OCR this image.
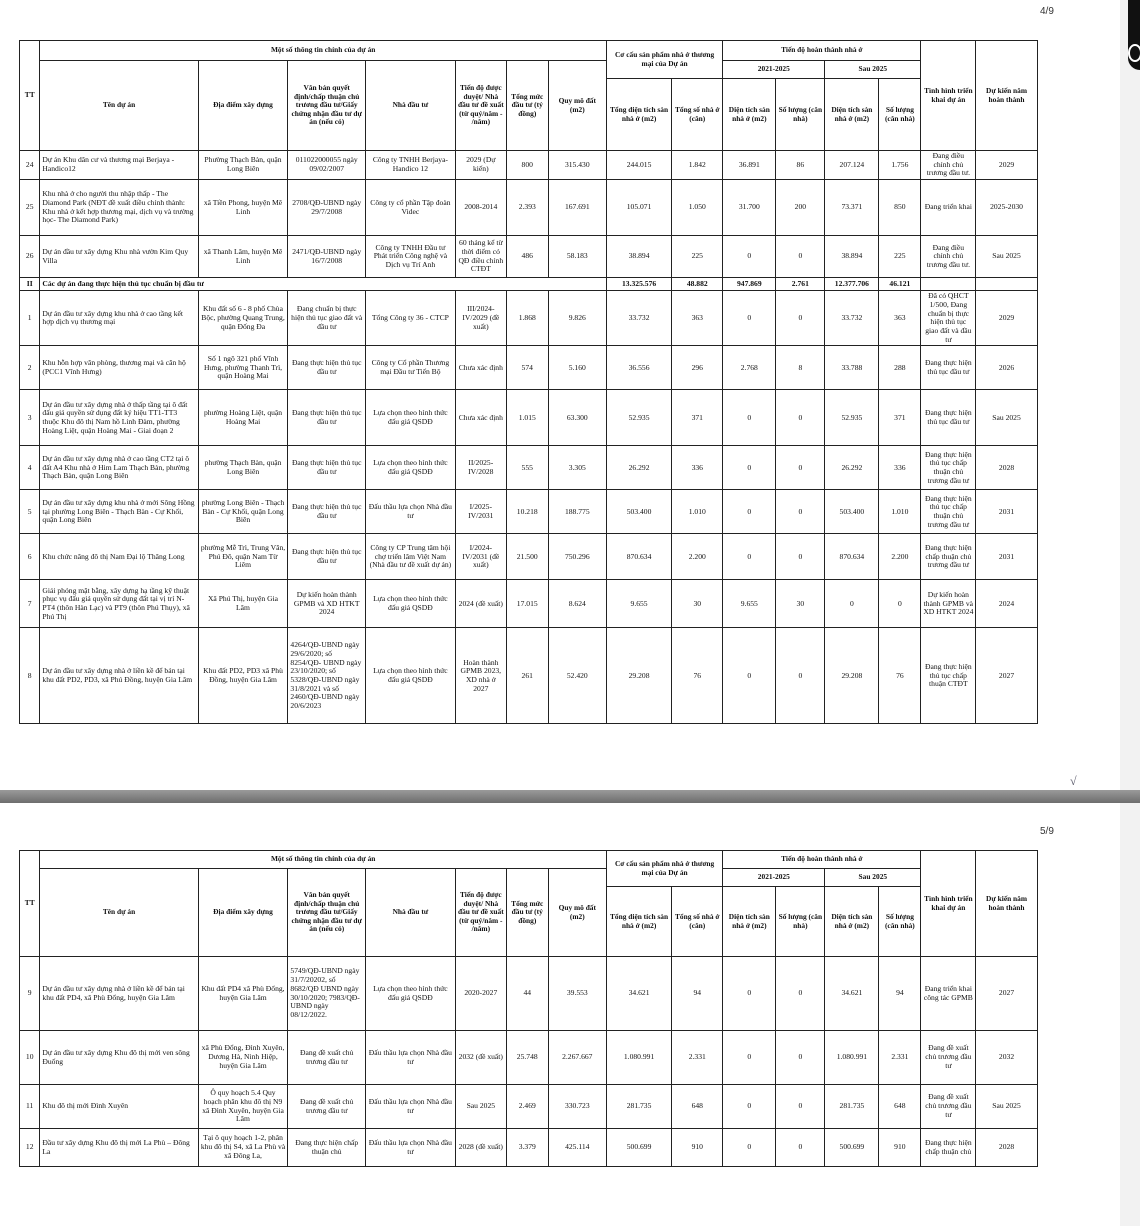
4/9
TT	Một số thông tin chính của dự án							Cơ cấu sản phẩm nhà ở thương mại của Dự án		Tiến độ hoàn thành nhà ở				Tình hình triển khai dự án	Dự kiến năm hoàn thành
	Tên dự án	Địa điểm xây dựng	Văn bản quyết định/chấp thuận chủ trương đầu tư/Giấy chứng nhận đầu tư dự án (nếu có)	Nhà đầu tư	Tiến độ được duyệt/ Nhà đầu tư đề xuất (từ quý/năm - /năm)	Tổng mức đầu tư (tỷ đồng)	Quy mô đất (m2)			2021-2025		Sau 2025			
								Tổng diện tích sàn nhà ở (m2)	Tổng số nhà ở (căn)	Diện tích sàn nhà ở (m2)	Số lượng (căn nhà)	Diện tích sàn nhà ở (m2)	Số lượng (căn nhà)		
24	Dự án Khu dân cư và thương mại Berjaya - Handico12	Phường Thạch Bàn, quận Long Biên	011022000055 ngày 09/02/2007	Công ty TNHH Berjaya-Handico 12	2029 (Dự kiến)	800	315.430	244.015	1.842	36.891	86	207.124	1.756	Đang điều chỉnh chủ trương đầu tư.	2029
25	Khu nhà ở cho người thu nhập thấp - The Diamond Park (NĐT đề xuất điều chỉnh thành: Khu nhà ở kết hợp thương mại, dịch vụ và trường học- The Diamond Park)	xã Tiền Phong, huyện Mê Linh	2708/QĐ-UBND ngày 29/7/2008	Công ty cổ phần Tập đoàn Videc	2008-2014	2.393	167.691	105.071	1.050	31.700	200	73.371	850	Đang triển khai	2025-2030
26	Dự án đầu tư xây dựng Khu nhà vườn Kim Quy Villa	xã Thanh Lâm, huyện Mê Linh	2471/QĐ-UBND ngày 16/7/2008	Công ty TNHH Đầu tư Phát triển Công nghệ và Dịch vụ Trí Anh	60 tháng kể từ thời điểm có QĐ điều chỉnh CTĐT	486	58.183	38.894	225	0	0	38.894	225	Đang điều chỉnh chủ trương đầu tư.	Sau 2025
II	Các dự án đang thực hiện thủ tục chuẩn bị đầu tư							13.325.576	48.882	947.869	2.761	12.377.706	46.121		
1	Dự án đầu tư xây dựng khu nhà ở cao tầng kết hợp dịch vụ thương mại	Khu đất số 6 - 8 phố Chùa Bộc, phường Quang Trung, quận Đống Đa	Đang chuẩn bị thực hiện thủ tục giao đất và đầu tư	Tổng Công ty 36 - CTCP	III/2024-IV/2029 (đề xuất)	1.868	9.826	33.732	363	0	0	33.732	363	Đã có QHCT 1/500, Đang chuẩn bị thực hiện thủ tục giao đất và đầu tư	2029
2	Khu hỗn hợp văn phòng, thương mại và căn hộ (PCC1 Vĩnh Hưng)	Số 1 ngõ 321 phố Vĩnh Hưng, phường Thanh Trì, quận Hoàng Mai	Đang thực hiện thủ tục đầu tư	Công ty Cổ phần Thương mại Đầu tư Tiến Bộ	Chưa xác định	574	5.160	36.556	296	2.768	8	33.788	288	Đang thực hiện thủ tục đầu tư	2026
3	Dự án đầu tư xây dựng nhà ở thấp tầng tại ô đất đấu giá quyền sử dụng đất ký hiệu TT1-TT3 thuộc Khu đô thị Nam hồ Linh Đàm, phường Hoàng Liệt, quận Hoàng Mai - Giai đoạn 2	phường Hoàng Liệt, quận Hoàng Mai	Đang thực hiện thủ tục đầu tư	Lựa chọn theo hình thức đấu giá QSDĐ	Chưa xác định	1.015	63.300	52.935	371	0	0	52.935	371	Đang thực hiện thủ tục đầu tư	Sau 2025
4	Dự án đầu tư xây dựng nhà ở cao tầng CT2 tại ô đất A4 Khu nhà ở Him Lam Thạch Bàn, phường Thạch Bàn, quận Long Biên	phường Thạch Bàn, quận Long Biên	Đang thực hiện thủ tục đầu tư	Lựa chọn theo hình thức đấu giá QSDĐ	II/2025-IV/2028	555	3.305	26.292	336	0	0	26.292	336	Đang thực hiện thủ tục chấp thuận chủ trương đầu tư	2028
5	Dự án đầu tư xây dựng khu nhà ở mới Sông Hồng tại phường Long Biên - Thạch Bàn - Cự Khối, quận Long Biên	phường Long Biên - Thạch Bàn - Cự Khối, quận Long Biên	Đang thực hiện thủ tục đầu tư	Đấu thầu lựa chọn Nhà đầu tư	I/2025-IV/2031	10.218	188.775	503.400	1.010	0	0	503.400	1.010	Đang thực hiện thủ tục chấp thuận chủ trương đầu tư	2031
6	Khu chức năng đô thị Nam Đại lộ Thăng Long	phường Mễ Trì, Trung Văn, Phú Đô, quận Nam Từ Liêm	Đang thực hiện thủ tục đầu tư	Công ty CP Trung tâm hội chợ triển lãm Việt Nam (Nhà đầu tư đề xuất dự án)	I/2024-IV/2031 (đề xuất)	21.500	750.296	870.634	2.200	0	0	870.634	2.200	Đang thực hiện chấp thuận chủ trương đầu tư	2031
7	Giải phóng mặt bằng, xây dựng hạ tầng kỹ thuật phục vụ đấu giá quyền sử dụng đất tại vị trí N-PT4 (thôn Hàn Lạc) và PT9 (thôn Phú Thụy), xã Phú Thị	Xã Phú Thị, huyện Gia Lâm	Dự kiến hoàn thành GPMB và XD HTKT 2024	Lựa chọn theo hình thức đấu giá QSDĐ	2024 (đề xuất)	17.015	8.624	9.655	30	9.655	30	0	0	Dự kiến hoàn thành GPMB và XD HTKT 2024	2024
8	Dự án đầu tư xây dựng nhà ở liền kề để bán tại khu đất PD2, PD3, xã Phú Đồng, huyện Gia Lâm	Khu đất PD2, PD3 xã Phù Đồng, huyện Gia Lâm	4264/QĐ-UBND ngày 29/6/2020; số 8254/QĐ- UBND ngày 23/10/2020; số 5328/QĐ-UBND ngày 31/8/2021 và số 2460/QĐ-UBND ngày 20/6/2023	Lựa chọn theo hình thức đấu giá QSDĐ	Hoàn thành GPMB 2023, XD nhà ở 2027	261	52.420	29.208	76	0	0	29.208	76	Đang thực hiện thủ tục chấp thuận CTĐT	2027
√
5/9
TT	Một số thông tin chính của dự án							Cơ cấu sản phẩm nhà ở thương mại của Dự án		Tiến độ hoàn thành nhà ở				Tình hình triển khai dự án	Dự kiến năm hoàn thành
	Tên dự án	Địa điểm xây dựng	Văn bản quyết định/chấp thuận chủ trương đầu tư/Giấy chứng nhận đầu tư dự án (nếu có)	Nhà đầu tư	Tiến độ được duyệt/ Nhà đầu tư đề xuất (từ quý/năm - /năm)	Tổng mức đầu tư (tỷ đồng)	Quy mô đất (m2)			2021-2025		Sau 2025			
								Tổng diện tích sàn nhà ở (m2)	Tổng số nhà ở (căn)	Diện tích sàn nhà ở (m2)	Số lượng (căn nhà)	Diện tích sàn nhà ở (m2)	Số lượng (căn nhà)		
9	Dự án đầu tư xây dựng nhà ở liền kề để bán tại khu đất PD4, xã Phù Đổng, huyện Gia Lâm	Khu đất PD4 xã Phù Đổng, huyện Gia Lâm	5749/QĐ-UBND ngày 31/7/20202, số 8682/QĐ UBND ngày 30/10/2020; 7983/QĐ-UBND ngày 08/12/2022.	Lựa chọn theo hình thức đấu giá QSDĐ	2020-2027	44	39.553	34.621	94	0	0	34.621	94	Đang triển khai công tác GPMB	2027
10	Dự án đầu tư xây dựng Khu đô thị mới ven sông Đuống	xã Phù Đổng, Đình Xuyên, Dương Hà, Ninh Hiệp, huyện Gia Lâm	Đang đề xuất chủ trương đầu tư	Đấu thầu lựa chọn Nhà đầu tư	2032 (đề xuất)	25.748	2.267.667	1.080.991	2.331	0	0	1.080.991	2.331	Đang đề xuất chủ trương đầu tư	2032
11	Khu đô thị mới Đình Xuyên	Ô quy hoạch 5.4 Quy hoạch phân khu đô thị N9 xã Đình Xuyên, huyện Gia Lâm	Đang đề xuất chủ trương đầu tư	Đấu thầu lựa chọn Nhà đầu tư	Sau 2025	2.469	330.723	281.735	648	0	0	281.735	648	Đang đề xuất chủ trương đầu tư	Sau 2025
12	Đầu tư xây dựng Khu đô thị mới La Phù – Đông La	Tại ô quy hoạch 1-2, phân khu đô thị S4, xã La Phù và xã Đông La,	Đang thực hiện chấp thuận chủ	Đấu thầu lựa chọn Nhà đầu tư	2028 (đề xuất)	3.379	425.114	500.699	910	0	0	500.699	910	Đang thực hiện chấp thuận chủ	2028
